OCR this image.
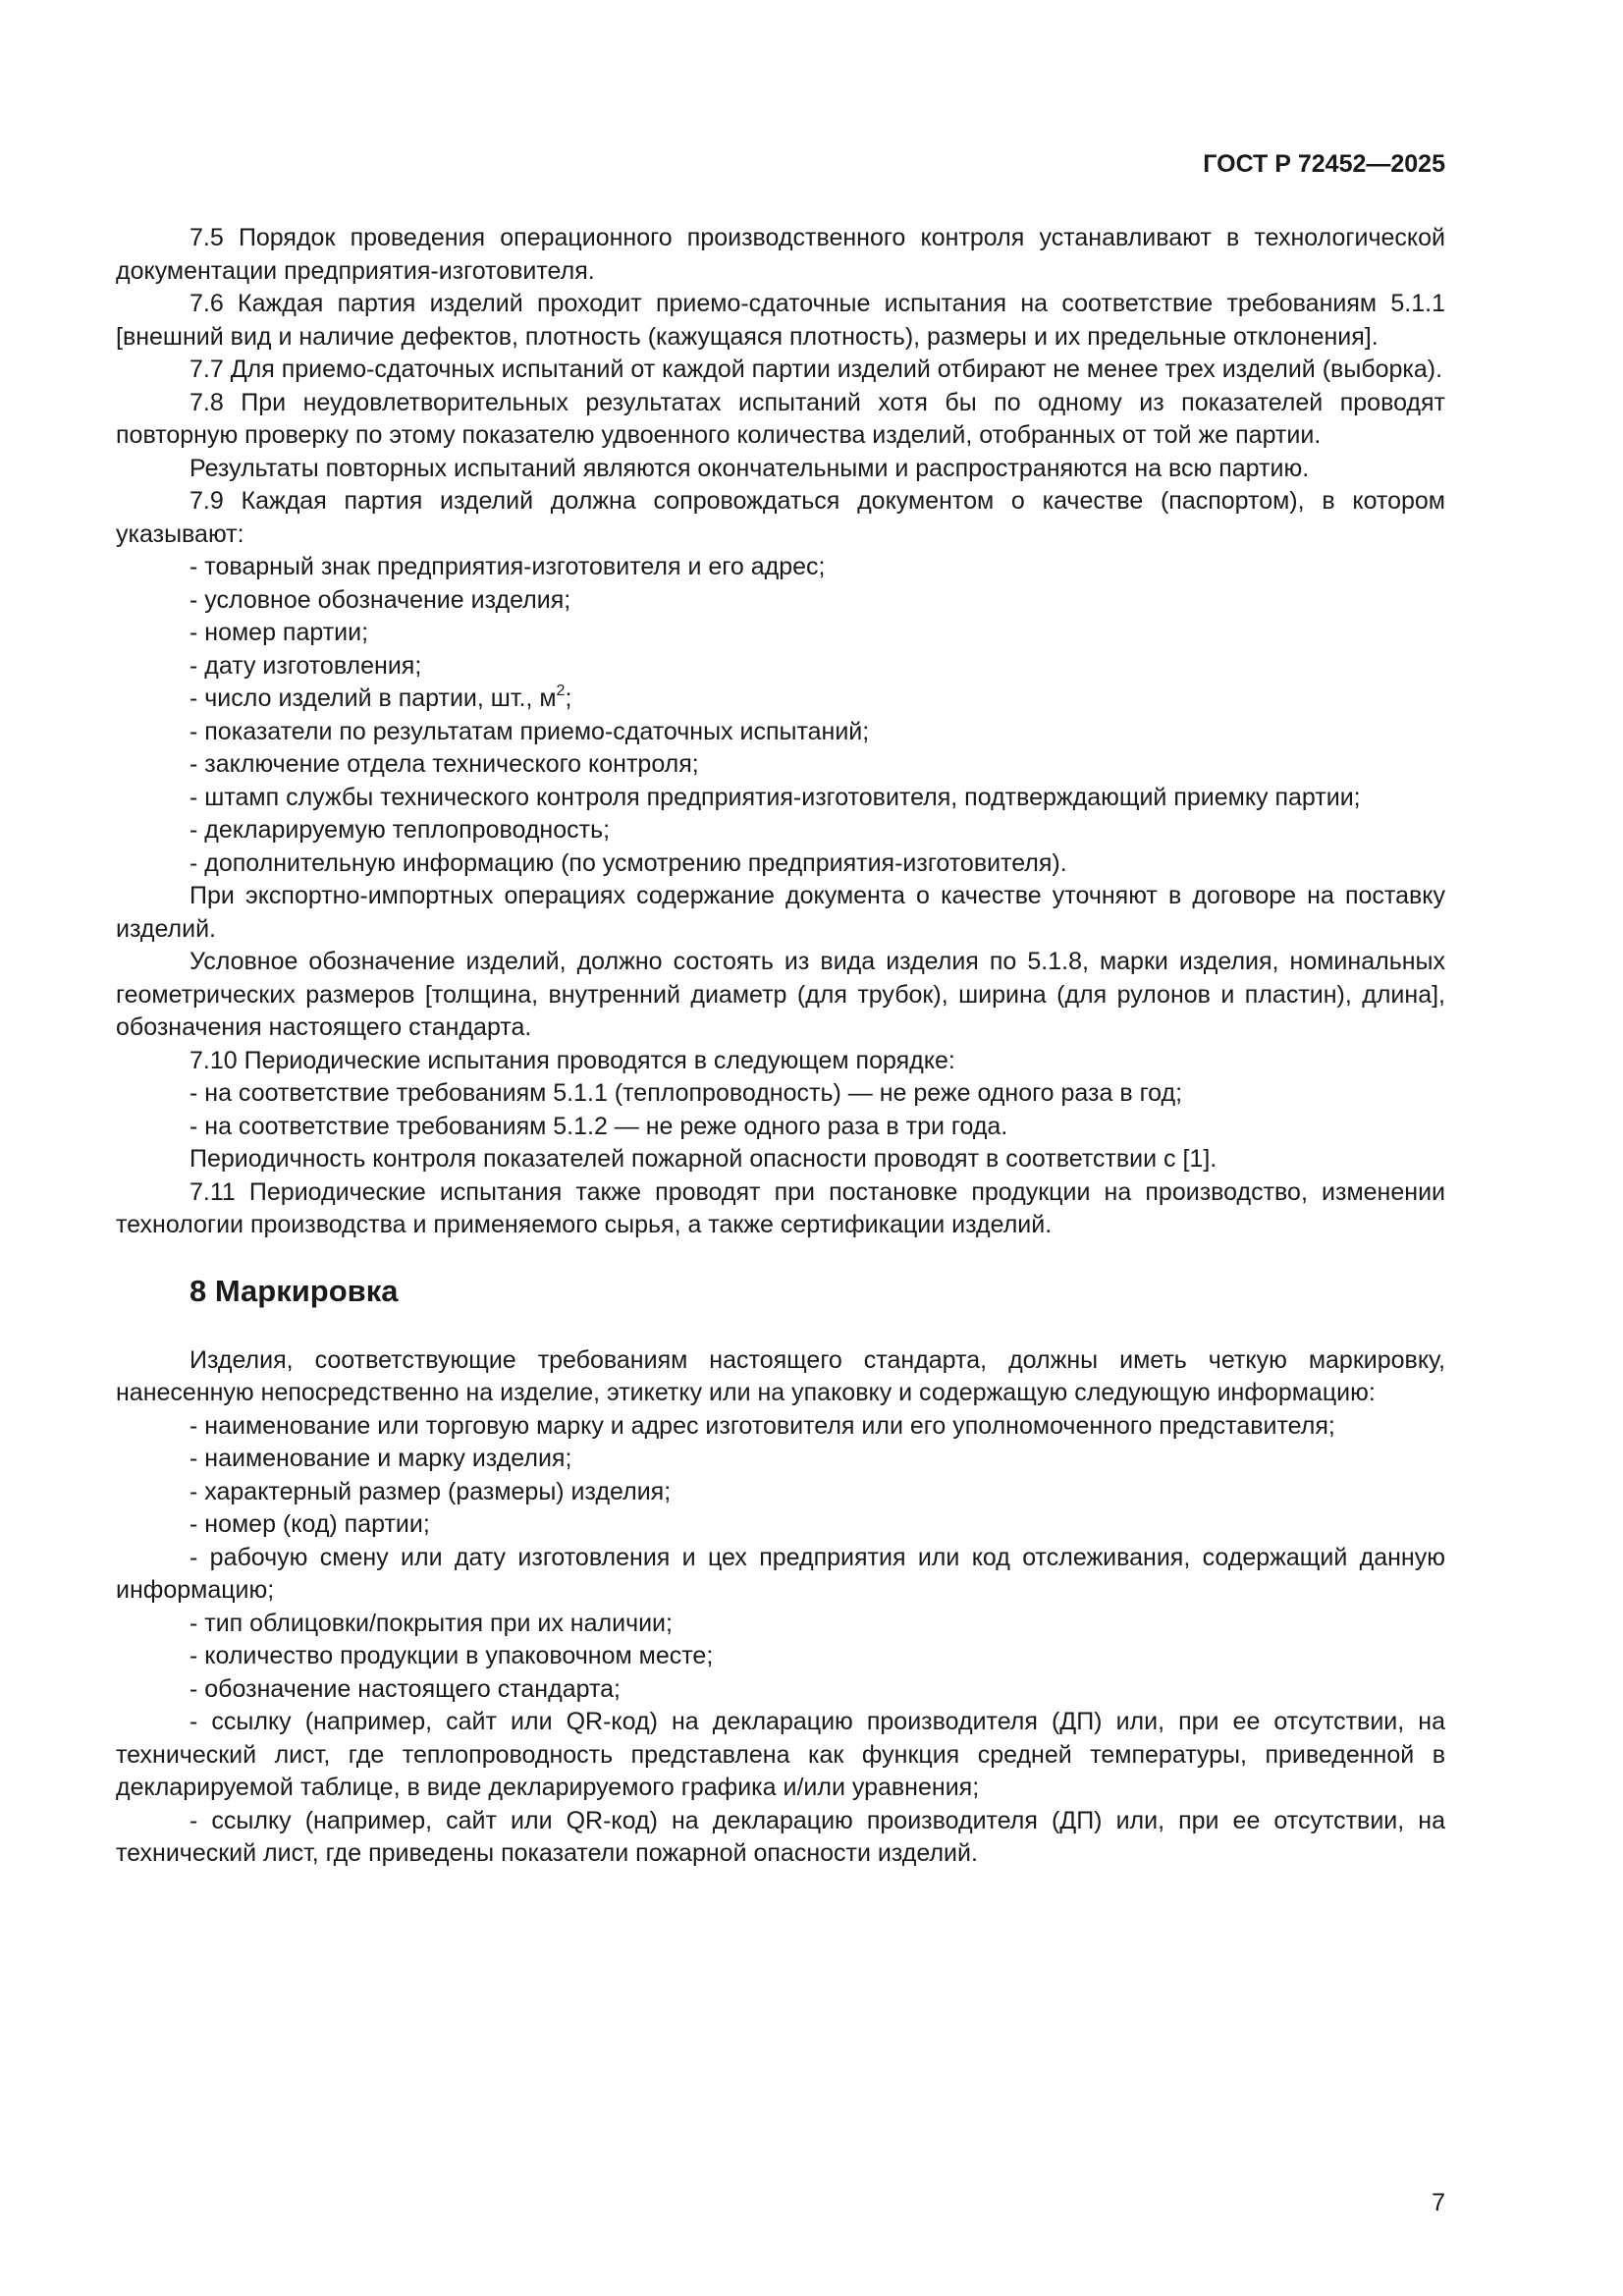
ГОСТ Р 72452—2025
7.5 Порядок проведения операционного производственного контроля устанавливают в технологической документации предприятия-изготовителя.
7.6 Каждая партия изделий проходит приемо-сдаточные испытания на соответствие требованиям 5.1.1 [внешний вид и наличие дефектов, плотность (кажущаяся плотность), размеры и их предельные отклонения].
7.7 Для приемо-сдаточных испытаний от каждой партии изделий отбирают не менее трех изделий (выборка).
7.8 При неудовлетворительных результатах испытаний хотя бы по одному из показателей проводят повторную проверку по этому показателю удвоенного количества изделий, отобранных от той же партии.
Результаты повторных испытаний являются окончательными и распространяются на всю партию.
7.9 Каждая партия изделий должна сопровождаться документом о качестве (паспортом), в котором указывают:
- товарный знак предприятия-изготовителя и его адрес;
- условное обозначение изделия;
- номер партии;
- дату изготовления;
- число изделий в партии, шт., $м^2$;
- показатели по результатам приемо-сдаточных испытаний;
- заключение отдела технического контроля;
- штамп службы технического контроля предприятия-изготовителя, подтверждающий приемку партии;
- декларируемую теплопроводность;
- дополнительную информацию (по усмотрению предприятия-изготовителя).
При экспортно-импортных операциях содержание документа о качестве уточняют в договоре на поставку изделий.
Условное обозначение изделий, должно состоять из вида изделия по 5.1.8, марки изделия, номинальных геометрических размеров [толщина, внутренний диаметр (для трубок), ширина (для рулонов и пластин), длина], обозначения настоящего стандарта.
7.10 Периодические испытания проводятся в следующем порядке:
- на соответствие требованиям 5.1.1 (теплопроводность) — не реже одного раза в год;
- на соответствие требованиям 5.1.2 — не реже одного раза в три года.
Периодичность контроля показателей пожарной опасности проводят в соответствии с [1].
7.11 Периодические испытания также проводят при постановке продукции на производство, изменении технологии производства и применяемого сырья, а также сертификации изделий.
8 Маркировка
Изделия, соответствующие требованиям настоящего стандарта, должны иметь четкую маркировку, нанесенную непосредственно на изделие, этикетку или на упаковку и содержащую следующую информацию:
- наименование или торговую марку и адрес изготовителя или его уполномоченного представителя;
- наименование и марку изделия;
- характерный размер (размеры) изделия;
- номер (код) партии;
- рабочую смену или дату изготовления и цех предприятия или код отслеживания, содержащий данную информацию;
- тип облицовки/покрытия при их наличии;
- количество продукции в упаковочном месте;
- обозначение настоящего стандарта;
- ссылку (например, сайт или QR-код) на декларацию производителя (ДП) или, при ее отсутствии, на технический лист, где теплопроводность представлена как функция средней температуры, приведенной в декларируемой таблице, в виде декларируемого графика и/или уравнения;
- ссылку (например, сайт или QR-код) на декларацию производителя (ДП) или, при ее отсутствии, на технический лист, где приведены показатели пожарной опасности изделий.
7
